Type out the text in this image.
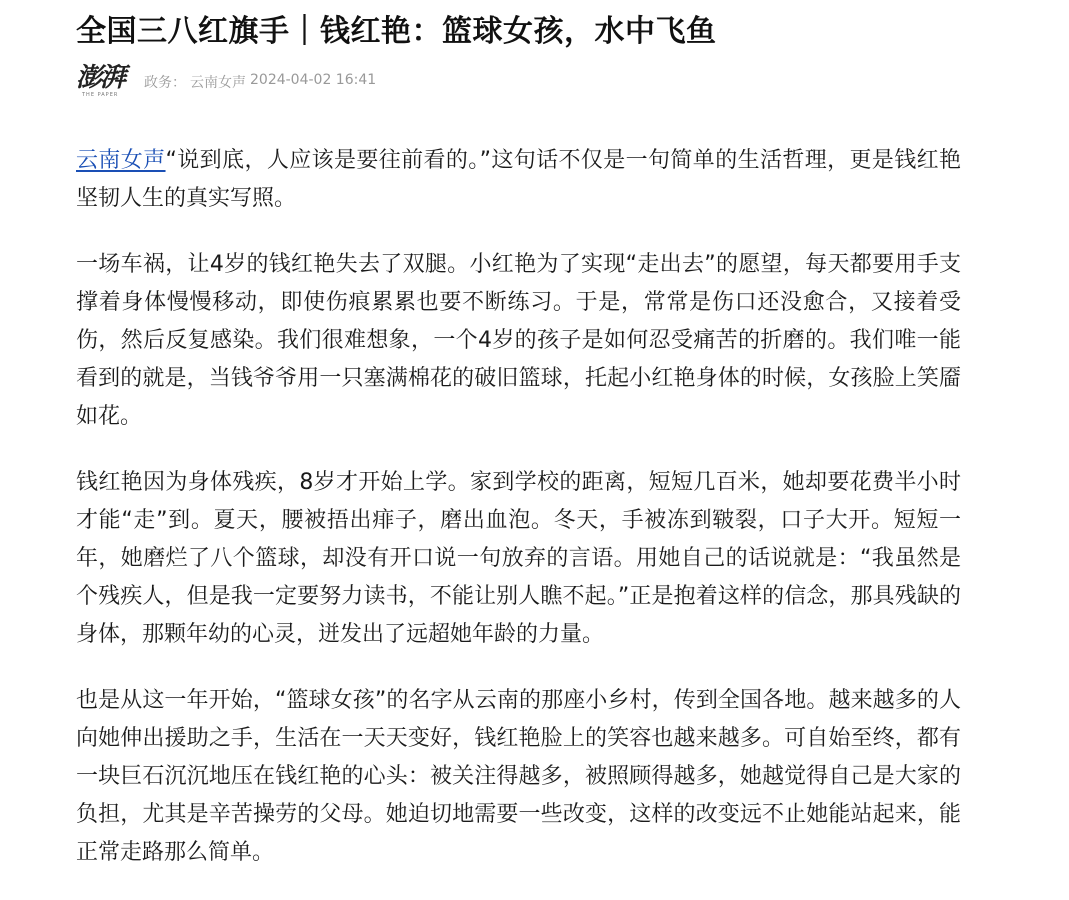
全国三八红旗手｜钱红艳：篮球女孩，水中飞鱼
澎湃
THE PAPER
政务： 云南女声 2024-04-02 16:41

云南女声“说到底，人应该是要往前看的。”这句话不仅是一句简单的生活哲理，更是钱红艳坚韧人生的真实写照。

一场车祸，让4岁的钱红艳失去了双腿。小红艳为了实现“走出去”的愿望，每天都要用手支撑着身体慢慢移动，即使伤痕累累也要不断练习。于是，常常是伤口还没愈合，又接着受伤，然后反复感染。我们很难想象，一个4岁的孩子是如何忍受痛苦的折磨的。我们唯一能看到的就是，当钱爷爷用一只塞满棉花的破旧篮球，托起小红艳身体的时候，女孩脸上笑靥如花。

钱红艳因为身体残疾，8岁才开始上学。家到学校的距离，短短几百米，她却要花费半小时才能“走”到。夏天，腰被捂出痱子，磨出血泡。冬天，手被冻到皲裂，口子大开。短短一年，她磨烂了八个篮球，却没有开口说一句放弃的言语。用她自己的话说就是：“我虽然是个残疾人，但是我一定要努力读书，不能让别人瞧不起。”正是抱着这样的信念，那具残缺的身体，那颗年幼的心灵，迸发出了远超她年龄的力量。

也是从这一年开始，“篮球女孩”的名字从云南的那座小乡村，传到全国各地。越来越多的人向她伸出援助之手，生活在一天天变好，钱红艳脸上的笑容也越来越多。可自始至终，都有一块巨石沉沉地压在钱红艳的心头：被关注得越多，被照顾得越多，她越觉得自己是大家的负担，尤其是辛苦操劳的父母。她迫切地需要一些改变，这样的改变远不止她能站起来，能正常走路那么简单。
